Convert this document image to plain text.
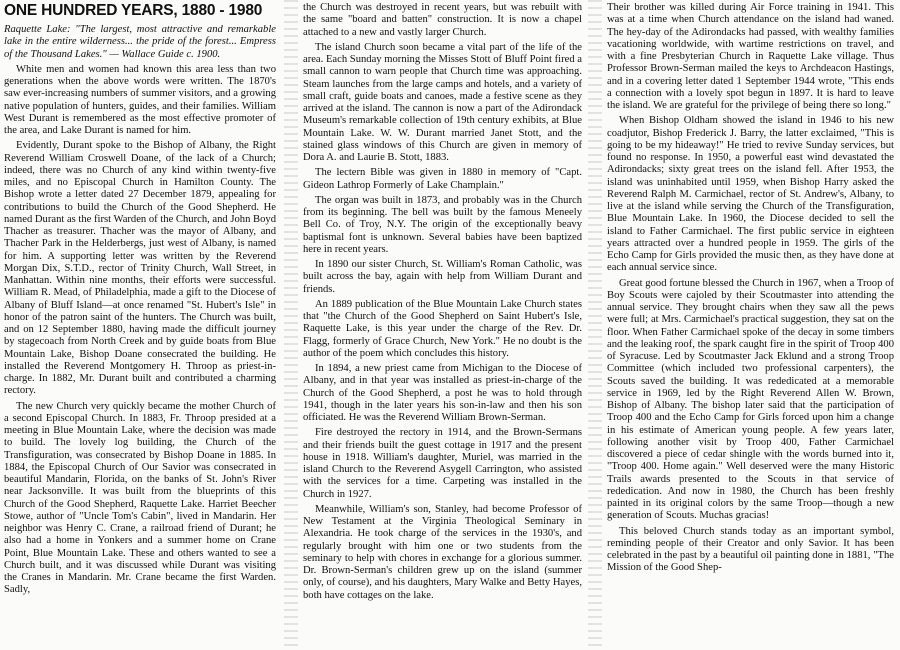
ONE HUNDRED YEARS, 1880 - 1980
Raquette Lake: "The largest, most attractive and remarkable lake in the entire wilderness... the pride of the forest... Empress of the Thousand Lakes." — Wallace Guide c. 1900.

White men and women had known this area less than two generations when the above words were written. The 1870's saw ever-increasing numbers of summer visitors, and a growing native population of hunters, guides, and their families. William West Durant is remembered as the most effective promoter of the area, and Lake Durant is named for him.

Evidently, Durant spoke to the Bishop of Albany, the Right Reverend William Croswell Doane, of the lack of a Church; indeed, there was no Church of any kind within twenty-five miles, and no Episcopal Church in Hamilton County. The Bishop wrote a letter dated 27 December 1879, appealing for contributions to build the Church of the Good Shepherd. He named Durant as the first Warden of the Church, and John Boyd Thacher as treasurer. Thacher was the mayor of Albany, and Thacher Park in the Helderbergs, just west of Albany, is named for him. A supporting letter was written by the Reverend Morgan Dix, S.T.D., rector of Trinity Church, Wall Street, in Manhattan. Within nine months, their efforts were successful. William R. Mead, of Philadelphia, made a gift to the Diocese of Albany of Bluff Island—at once renamed "St. Hubert's Isle" in honor of the patron saint of the hunters. The Church was built, and on 12 September 1880, having made the difficult journey by stagecoach from North Creek and by guide boats from Blue Mountain Lake, Bishop Doane consecrated the building. He installed the Reverend Montgomery H. Throop as priest-in-charge. In 1882, Mr. Durant built and contributed a charming rectory.

The new Church very quickly became the mother Church of a second Episcopal Church. In 1883, Fr. Throop presided at a meeting in Blue Mountain Lake, where the decision was made to build. The lovely log building, the Church of the Transfiguration, was consecrated by Bishop Doane in 1885. In 1884, the Episcopal Church of Our Savior was consecrated in beautiful Mandarin, Florida, on the banks of St. John's River near Jacksonville. It was built from the blueprints of this Church of the Good Shepherd, Raquette Lake. Harriet Beecher Stowe, author of "Uncle Tom's Cabin", lived in Mandarin. Her neighbor was Henry C. Crane, a railroad friend of Durant; he also had a home in Yonkers and a summer home on Crane Point, Blue Mountain Lake. These and others wanted to see a Church built, and it was discussed while Durant was visiting the Cranes in Mandarin. Mr. Crane became the first Warden. Sadly,

the Church was destroyed in recent years, but was rebuilt with the same "board and batten" construction. It is now a chapel attached to a new and vastly larger Church.

The island Church soon became a vital part of the life of the area. Each Sunday morning the Misses Stott of Bluff Point fired a small cannon to warn people that Church time was approaching. Steam launches from the large camps and hotels, and a variety of small craft, guide boats and canoes, made a festive scene as they arrived at the island. The cannon is now a part of the Adirondack Museum's remarkable collection of 19th century exhibits, at Blue Mountain Lake. W. W. Durant married Janet Stott, and the stained glass windows of this Church are given in memory of Dora A. and Laurie B. Stott, 1883.

The lectern Bible was given in 1880 in memory of "Capt. Gideon Lathrop Formerly of Lake Champlain."

The organ was built in 1873, and probably was in the Church from its beginning. The bell was built by the famous Meneely Bell Co. of Troy, N.Y. The origin of the exceptionally beavy baptismal font is unknown. Several babies have been baptized here in recent years.

In 1890 our sister Church, St. William's Roman Catholic, was built across the bay, again with help from William Durant and friends.

An 1889 publication of the Blue Mountain Lake Church states that "the Church of the Good Shepherd on Saint Hubert's Isle, Raquette Lake, is this year under the charge of the Rev. Dr. Flagg, formerly of Grace Church, New York." He no doubt is the author of the poem which concludes this history.

In 1894, a new priest came from Michigan to the Diocese of Albany, and in that year was installed as priest-in-charge of the Church of the Good Shepherd, a post he was to hold through 1941, though in the later years his son-in-law and then his son officiated. He was the Reverend William Brown-Serman.

Fire destroyed the rectory in 1914, and the Brown-Sermans and their friends built the guest cottage in 1917 and the present house in 1918. William's daughter, Muriel, was married in the island Church to the Reverend Asygell Carrington, who assisted with the services for a time. Carpeting was installed in the Church in 1927.

Meanwhile, William's son, Stanley, had become Professor of New Testament at the Virginia Theological Seminary in Alexandria. He took charge of the services in the 1930's, and regularly brought with him one or two students from the seminary to help with chores in exchange for a glorious summer. Dr. Brown-Serman's children grew up on the island (summer only, of course), and his daughters, Mary Walke and Betty Hayes, both have cottages on the lake.

Their brother was killed during Air Force training in 1941. This was at a time when Church attendance on the island had waned. The hey-day of the Adirondacks had passed, with wealthy families vacationing worldwide, with wartime restrictions on travel, and with a fine Presbyterian Church in Raquette Lake village. Thus Professor Brown-Serman mailed the keys to Archdeacon Hastings, and in a covering letter dated 1 September 1944 wrote, "This ends a connection with a lovely spot begun in 1897. It is hard to leave the island. We are grateful for the privilege of being there so long."

When Bishop Oldham showed the island in 1946 to his new coadjutor, Bishop Frederick J. Barry, the latter exclaimed, "This is going to be my hideaway!" He tried to revive Sunday services, but found no response. In 1950, a powerful east wind devastated the Adirondacks; sixty great trees on the island fell. After 1953, the island was uninhabited until 1959, when Bishop Harry asked the Reverend Ralph M. Carmichael, rector of St. Andrew's, Albany, to live at the island while serving the Church of the Transfiguration, Blue Mountain Lake. In 1960, the Diocese decided to sell the island to Father Carmichael. The first public service in eighteen years attracted over a hundred people in 1959. The girls of the Echo Camp for Girls provided the music then, as they have done at each annual service since.

Great good fortune blessed the Church in 1967, when a Troop of Boy Scouts were cajoled by their Scoutmaster into attending the annual service. They brought chairs when they saw all the pews were full; at Mrs. Carmichael's practical suggestion, they sat on the floor. When Father Carmichael spoke of the decay in some timbers and the leaking roof, the spark caught fire in the spirit of Troop 400 of Syracuse. Led by Scoutmaster Jack Eklund and a strong Troop Committee (which included two professional carpenters), the Scouts saved the building. It was rededicated at a memorable service in 1969, led by the Right Reverend Allen W. Brown, Bishop of Albany. The bishop later said that the participation of Troop 400 and the Echo Camp for Girls forced upon him a change in his estimate of American young people. A few years later, following another visit by Troop 400, Father Carmichael discovered a piece of cedar shingle with the words burned into it, "Troop 400. Home again." Well deserved were the many Historic Trails awards presented to the Scouts in that service of rededication. And now in 1980, the Church has been freshly painted in its original colors by the same Troop—though a new generation of Scouts. Muchas gracias!

This beloved Church stands today as an important symbol, reminding people of their Creator and only Savior. It has been celebrated in the past by a beautiful oil painting done in 1881, "The Mission of the Good Shep-
